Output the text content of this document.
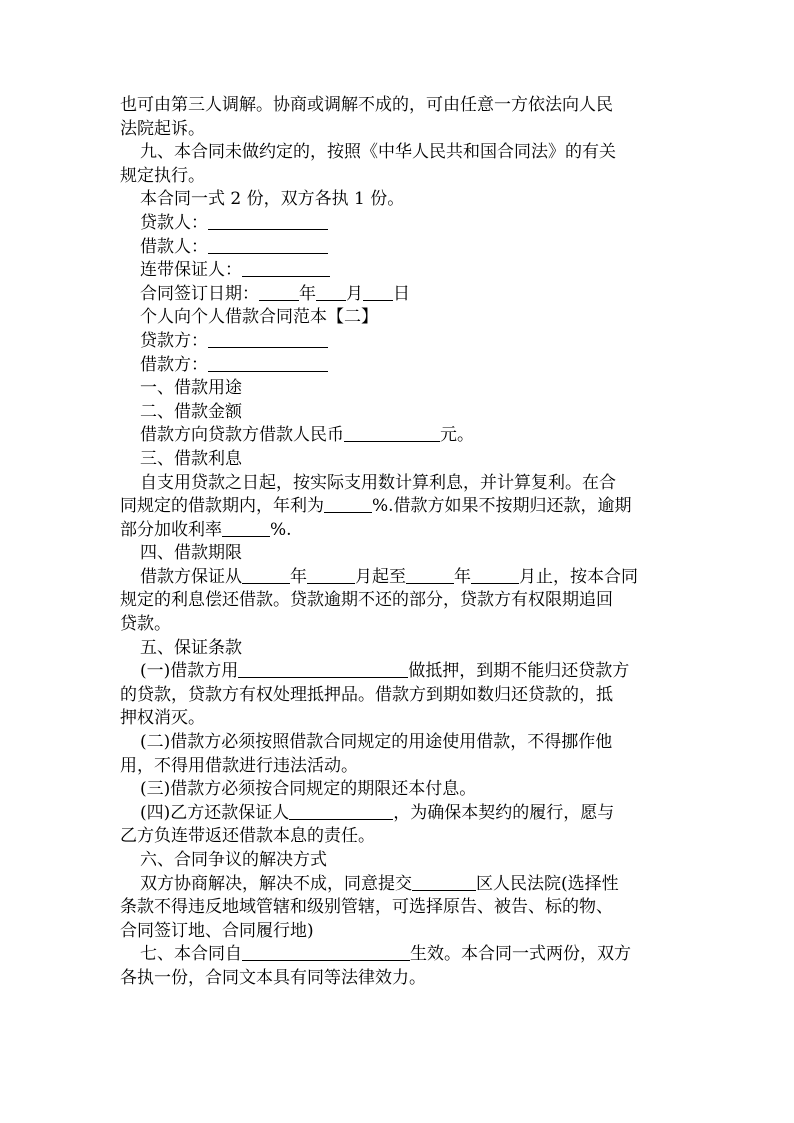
也可由第三人调解。协商或调解不成的，可由任意一方依法向人民

法院起诉。

九、本合同未做约定的，按照《中华人民共和国合同法》的有关

规定执行。

本合同一式 2 份，双方各执 1 份。

贷款人：

借款人：

连带保证人：

合同签订日期： 年 月 日

个人向个人借款合同范本【二】

贷款方：

借款方：

一、借款用途

二、借款金额

借款方向贷款方借款人民币	元。

三、借款利息

自支用贷款之日起，按实际支用数计算利息，并计算复利。在合

同规定的借款期内，年利为	%.借款方如果不按期归还款，逾期

部分加收利率	%.

四、借款期限

借款方保证从	年	月起至	年	月止，按本合同

规定的利息偿还借款。贷款逾期不还的部分，贷款方有权限期追回

贷款。

五、保证条款

(一)借款方用	做抵押，到期不能归还贷款方

的贷款，贷款方有权处理抵押品。借款方到期如数归还贷款的，抵

押权消灭。

(二)借款方必须按照借款合同规定的用途使用借款，不得挪作他

用，不得用借款进行违法活动。

(三)借款方必须按合同规定的期限还本付息。

(四)乙方还款保证人	，为确保本契约的履行，愿与

乙方负连带返还借款本息的责任。

六、合同争议的解决方式

双方协商解决，解决不成，同意提交	区人民法院(选择性

条款不得违反地域管辖和级别管辖，可选择原告、被告、标的物、

合同签订地、合同履行地)

七、本合同自	生效。本合同一式两份，双方

各执一份，合同文本具有同等法律效力。
